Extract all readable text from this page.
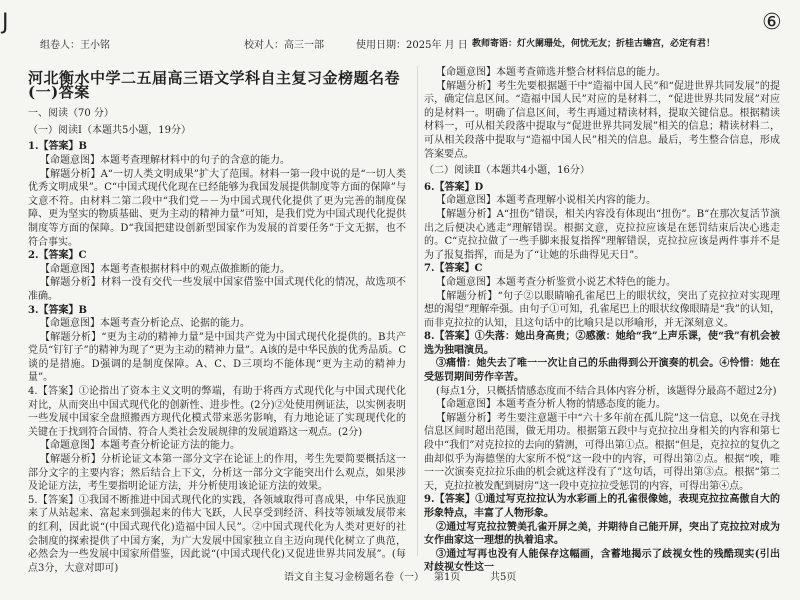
J	⑥
组卷人：王小铭	校对人：高三一部	使用日期：2025年 月 日 教师寄语：灯火阑珊处，何忧无友；折桂古蟾宫，必定有君！

河北衡水中学二五届高三语文学科自主复习金榜题名卷(一)答案

一、阅读（70 分）

（一）阅读Ⅰ（本题共5小题，19分）

1.【答案】B

【命题意图】本题考查理解材料中的句子的含意的能力。

【解题分析】A“一切人类文明成果”扩大了范围。材料一第一段中说的是“一切人类优秀文明成果”。C“中国式现代化现在已经能够为我国发展提供制度等方面的保障”与文意不符。由材料二第二段中“我们党－－为中国式现代化提供了更为完善的制度保障、更为坚实的物质基础、更为主动的精神力量”可知，是我们党为中国式现代化提供制度等方面的保障。D“我国把建设创新型国家作为发展的首要任务”于文无据，也不符合事实。

2.【答案】C

【命题意图】本题考查根据材料中的观点做推断的能力。

【解题分析】材料一没有交代一些发展中国家借鉴中国式现代化的情况，故选项不准确。

3.【答案】B

【命题意图】本题考查分析论点、论据的能力。

【解题分析】“更为主动的精神力量”是中国共产党为中国式现代化提供的。B共产党员“钉钉子”的精神为现了“更为主动的精神力量”。A该的是中华民族的优秀品质。C谈的是措施。D强调的是制度保障。A、C、D三项均不能体现“更为主动的精神力量”。

4.【答案】①论指出了资本主义文明的弊端，有助于将西方式现代化与中国式现代化对比，从而突出中国式现代化的创新性、进步性。(2分)②处使用例证法，以实例表明一些发展中国家全盘照搬西方现代化模式带来恶劣影响，有力地论证了实现现代化的关键在于找到符合国情、符合人类社会发展规律的发展道路这一观点。(2分)

【命题意图】本题考查分析论证方法的能力。

【解题分析】分析论证文本第一部分文字在论证上的作用，考生先要简要概括这一部分文字的主要内容；然后结合上下文，分析这一部分文字能突出什么观点，如果涉及论证方法，考生要指明论证方法，并分析使用该论证方法的效果。

5.【答案】①我国不断推进中国式现代化的实践，各领域取得可喜成果，中华民族迎来了从站起来、富起来到强起来的伟大飞跃，人民享受到经济、科技等领域发展带来的红利，因此说“(中国式现代化)造福中国人民”。②中国式现代化为人类对更好的社会制度的探索提供了中国方案，为广大发展中国家独立自主迈向现代化树立了典范，必然会为一些发展中国家所借鉴，因此说“(中国式现代化)又促进世界共同发展”。(每点3分，大意对即可)

【命题意图】本题考查筛选并整合材料信息的能力。

【解题分析】考生先要根据题干中“造福中国人民”和“促进世界共同发展”的提示，确定信息区间。“造福中国人民”对应的是材料二，“促进世界共同发展”对应的是材料一。明确了信息区间，考生再通过精读材料，提取关键信息。根据精读材料一，可从相关段落中提取与“促进世界共同发展”相关的信息；精读材料二，可从相关段落中提取与“造福中国人民”相关的信息。最后，考生整合信息，形成答案要点。

（二）阅读Ⅱ（本题共4小题，16分）

6.【答案】D

【命题意图】本题考查理解小说相关内容的能力。

【解题分析】A“扭伤”错误，相关内容没有体现出“扭伤”。B“在那次复活节演出之后便决心逃走”理解错误。根据文意，克拉拉应该是在惩罚结束后决心逃走的。C“克拉拉做了一些手脚来报复指挥”理解错误，克拉拉应该是两件事并不是为了报复指挥，而是为了“让她的乐曲得见天日”。

7.【答案】C

【命题意图】本题考查分析鉴赏小说艺术特色的能力。

【解题分析】“句子②以眼睛喻孔雀尾巴上的眼状纹，突出了克拉拉对实现理想的渴望”理解牵强。由句子①可知，孔雀尾巴上的眼状纹像眼睛是“我”的认知，而非克拉拉的认知，且这句话中的比喻只是以形喻形，并无深刻意义。

8.【答案】①失落：她出身高贵；②感激：她给“我”上声乐课，使“我”有机会被选为独唱演员。

③痛惜：她失去了唯一一次让自己的乐曲得到公开演奏的机会。④怜惜：她在受惩罚期间劳作辛苦。

(每点1分，只概括情感态度而不结合具体内容分析，该题得分最高不超过2分)

【命题意图】本题考查分析人物的情感态度的能力。

【解题分析】考生要注意题干中“六十多年前在孤儿院”这一信息，以免在寻找信息区间时超出范围，做无用功。根据第五段中与克拉拉出身相关的内容和第七段中“我们”对克拉拉的去向的猜测，可得出第①点。根据“但是，克拉拉的复仇之曲却似乎为海德堡的大家所不悦”这一段中的内容，可得出第②点。根据“唉，唯一一次演奏克拉拉乐曲的机会就这样没有了”这句话，可得出第③点。根据“第二天，克拉拉被发配到厨房”这一段中克拉拉受惩罚的内容，可得出第④点。

9.【答案】①通过写克拉拉认为水彩画上的孔雀很像她，表现克拉拉高傲自大的形象特点，丰富了人物形象。

②通过写克拉拉赞美孔雀开屏之美，并期待自己能开屏，突出了克拉拉对成为女作曲家这一理想的执着追求。

③通过写再也没有人能保存这幅画，含蓄地揭示了歧视女性的残酷现实(引出对歧视女性这一

语文自主复习金榜题名卷（一） 第1页	共5页
